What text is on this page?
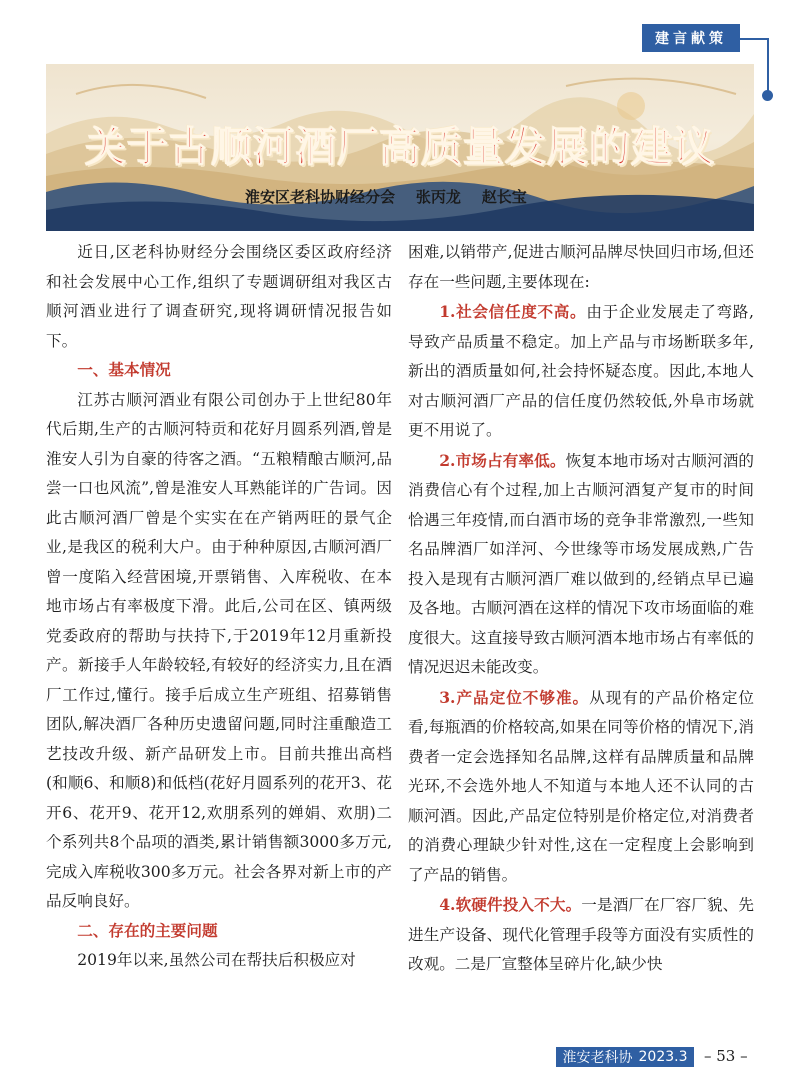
建言献策
关于古顺河酒厂高质量发展的建议
淮安区老科协财经分会    张丙龙    赵长宝

近日,区老科协财经分会围绕区委区政府经济和社会发展中心工作,组织了专题调研组对我区古顺河酒业进行了调查研究,现将调研情况报告如下。

一、基本情况

江苏古顺河酒业有限公司创办于上世纪80年代后期,生产的古顺河特贡和花好月圆系列酒,曾是淮安人引为自豪的待客之酒。“五粮精酿古顺河,品尝一口也风流”,曾是淮安人耳熟能详的广告词。因此古顺河酒厂曾是个实实在在产销两旺的景气企业,是我区的税利大户。由于种种原因,古顺河酒厂曾一度陷入经营困境,开票销售、入库税收、在本地市场占有率极度下滑。此后,公司在区、镇两级党委政府的帮助与扶持下,于2019年12月重新投产。新接手人年龄较轻,有较好的经济实力,且在酒厂工作过,懂行。接手后成立生产班组、招募销售团队,解决酒厂各种历史遗留问题,同时注重酿造工艺技改升级、新产品研发上市。目前共推出高档(和顺6、和顺8)和低档(花好月圆系列的花开3、花开6、花开9、花开12,欢朋系列的婵娟、欢朋)二个系列共8个品项的酒类,累计销售额3000多万元,完成入库税收300多万元。社会各界对新上市的产品反响良好。

二、存在的主要问题

2019年以来,虽然公司在帮扶后积极应对

困难,以销带产,促进古顺河品牌尽快回归市场,但还存在一些问题,主要体现在:

1.社会信任度不高。由于企业发展走了弯路,导致产品质量不稳定。加上产品与市场断联多年,新出的酒质量如何,社会持怀疑态度。因此,本地人对古顺河酒厂产品的信任度仍然较低,外阜市场就更不用说了。

2.市场占有率低。恢复本地市场对古顺河酒的消费信心有个过程,加上古顺河酒复产复市的时间恰遇三年疫情,而白酒市场的竞争非常激烈,一些知名品牌酒厂如洋河、今世缘等市场发展成熟,广告投入是现有古顺河酒厂难以做到的,经销点早已遍及各地。古顺河酒在这样的情况下攻市场面临的难度很大。这直接导致古顺河酒本地市场占有率低的情况迟迟未能改变。

3.产品定位不够准。从现有的产品价格定位看,每瓶酒的价格较高,如果在同等价格的情况下,消费者一定会选择知名品牌,这样有品牌质量和品牌光环,不会选外地人不知道与本地人还不认同的古顺河酒。因此,产品定位特别是价格定位,对消费者的消费心理缺少针对性,这在一定程度上会影响到了产品的销售。

4.软硬件投入不大。一是酒厂在厂容厂貌、先进生产设备、现代化管理手段等方面没有实质性的改观。二是厂宣整体呈碎片化,缺少快

淮安老科协 2023.3 – 53 –
